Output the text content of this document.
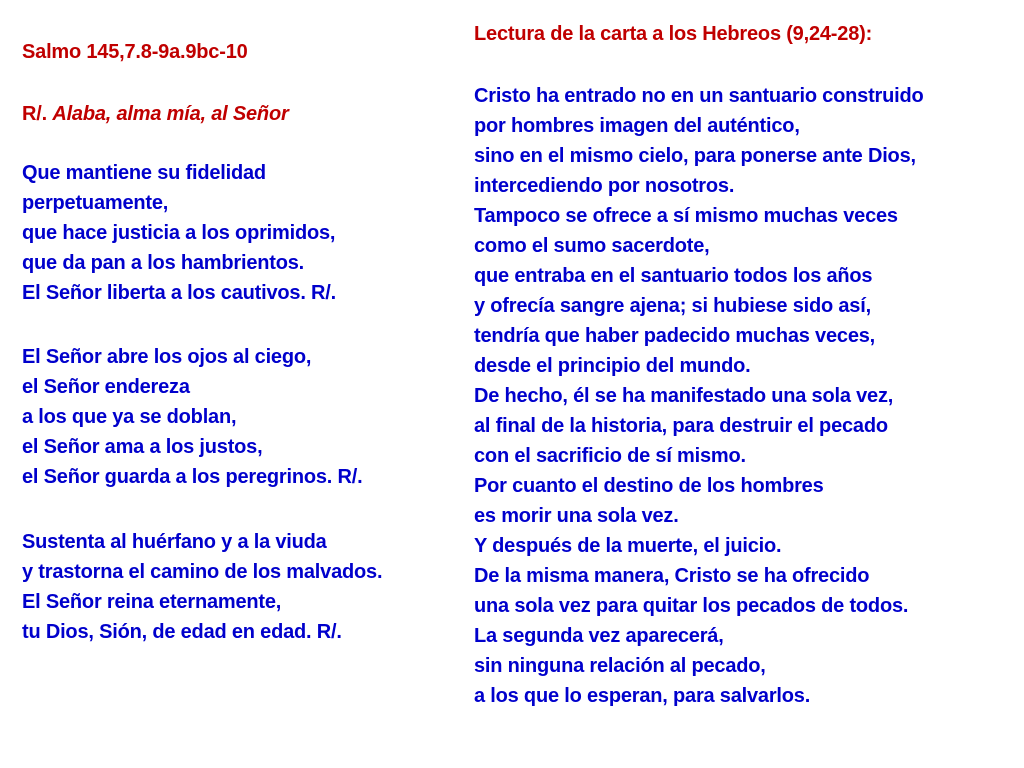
Salmo 145,7.8-9a.9bc-10
R/. Alaba, alma mía, al Señor
Que mantiene su fidelidad
perpetuamente,
que hace justicia a los oprimidos,
que da pan a los hambrientos.
El Señor liberta a los cautivos. R/.
El Señor abre los ojos al ciego,
el Señor endereza
a los que ya se doblan,
el Señor ama a los justos,
el Señor guarda a los peregrinos. R/.
Sustenta al huérfano y a la viuda
y trastorna el camino de los malvados.
El Señor reina eternamente,
tu Dios, Sión, de edad en edad. R/.
Lectura de la carta a los Hebreos (9,24-28):
Cristo ha entrado no en un santuario construido
por hombres imagen del auténtico,
sino en el mismo cielo, para ponerse ante Dios,
intercediendo por nosotros.
Tampoco se ofrece a sí mismo muchas veces
como el sumo sacerdote,
que entraba en el santuario todos los años
y ofrecía sangre ajena; si hubiese sido así,
tendría que haber padecido muchas veces,
desde el principio del mundo.
De hecho, él se ha manifestado una sola vez,
al final de la historia, para destruir el pecado
con el sacrificio de sí mismo.
Por cuanto el destino de los hombres
es morir una sola vez.
Y después de la muerte, el juicio.
De la misma manera, Cristo se ha ofrecido
una sola vez para quitar los pecados de todos.
La segunda vez aparecerá,
sin ninguna relación al pecado,
a los que lo esperan, para salvarlos.
